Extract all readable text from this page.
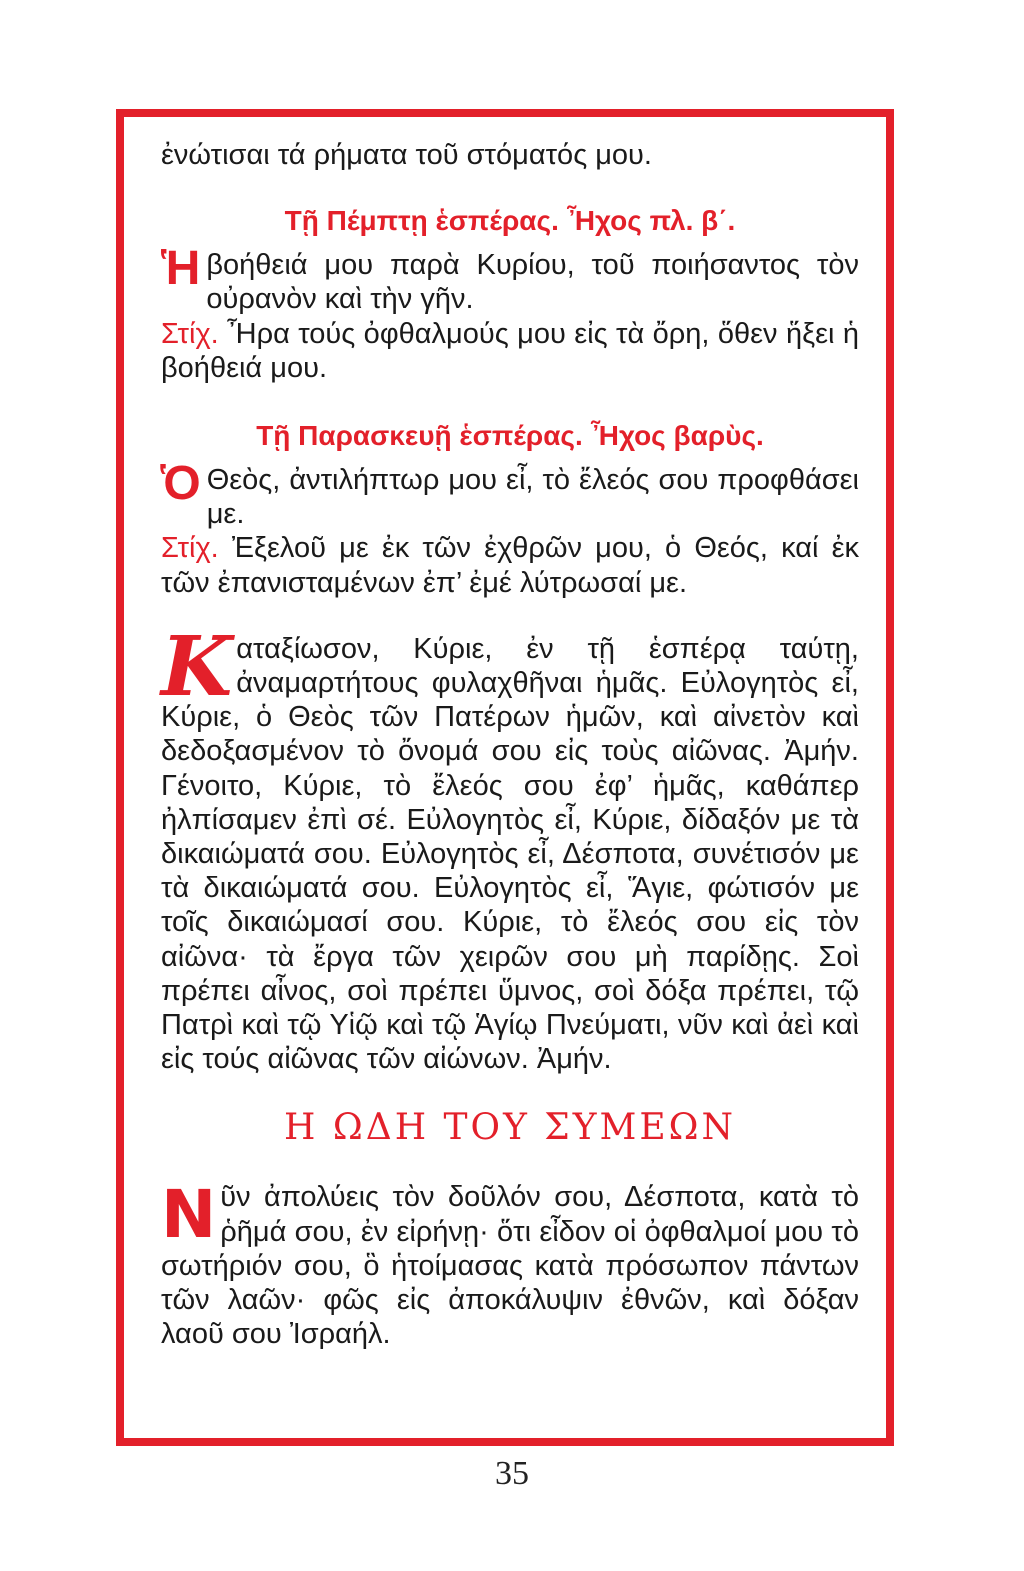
ἐνώτισαι τά ρήματα τοῦ στόματός μου.

Τῇ Πέμπτῃ ἑσπέρας. Ἦχος πλ. β΄.

Ἡβοήθειά μου παρὰ Κυρίου, τοῦ ποιήσαντος τὸν οὐρανὸν καὶ τὴν γῆν.

Στίχ. Ἦρα τούς ὀφθαλμούς μου εἰς τὰ ὄρη, ὅθεν ἥξει ἡ βοήθειά μου.

Τῇ Παρασκευῇ ἑσπέρας. Ἦχος βαρὺς.

Ὁ Θεὸς, ἀντιλήπτωρ μου εἶ, τὸ ἔλεός σου προφθάσει με.

Στίχ. Ἐξελοῦ με ἐκ τῶν ἐχθρῶν μου, ὁ Θεός, καί ἐκ τῶν ἐπανισταμένων ἐπ’ ἐμέ λύτρωσαί με.

Καταξίωσον, Κύριε, ἐν τῇ ἑσπέρᾳ ταύτῃ, ἀναμαρτήτους φυλαχθῆναι ἡμᾶς. Εὐλογητὸς εἶ, Κύριε, ὁ Θεὸς τῶν Πατέρων ἡμῶν, καὶ αἰνετὸν καὶ δεδοξασμένον τὸ ὄνομά σου εἰς τοὺς αἰῶνας. Ἀμήν. Γένοιτο, Κύριε, τὸ ἔλεός σου ἐφ’ ἡμᾶς, καθάπερ ἠλπίσαμεν ἐπὶ σέ. Εὐλογητὸς εἶ, Κύριε, δίδαξόν με τὰ δικαιώματά σου. Εὐλογητὸς εἶ, Δέσποτα, συνέτισόν με τὰ δικαιώματά σου. Εὐλογητὸς εἶ, Ἅγιε, φώτισόν με τοῖς δικαιώμασί σου. Κύριε, τὸ ἔλεός σου εἰς τὸν αἰῶνα· τὰ ἔργα τῶν χειρῶν σου μὴ παρίδῃς. Σοὶ πρέπει αἶνος, σοὶ πρέπει ὕμνος, σοὶ δόξα πρέπει, τῷ Πατρὶ καὶ τῷ Υἱῷ καὶ τῷ Ἁγίῳ Πνεύματι, νῦν καὶ ἀεὶ καὶ εἰς τούς αἰῶνας τῶν αἰώνων. Ἀμήν.

Η ΩΔΗ ΤΟΥ ΣΥΜΕΩΝ

Νῦν ἀπολύεις τὸν δοῦλόν σου, Δέσποτα, κατὰ τὸ ῥῆμά σου, ἐν εἰρήνῃ· ὅτι εἶδον οἱ ὀφθαλμοί μου τὸ σωτήριόν σου, ὃ ἡτοίμασας κατὰ πρόσωπον πάντων τῶν λαῶν· φῶς εἰς ἀποκάλυψιν ἐθνῶν, καὶ δόξαν λαοῦ σου Ἰσραήλ.

35
